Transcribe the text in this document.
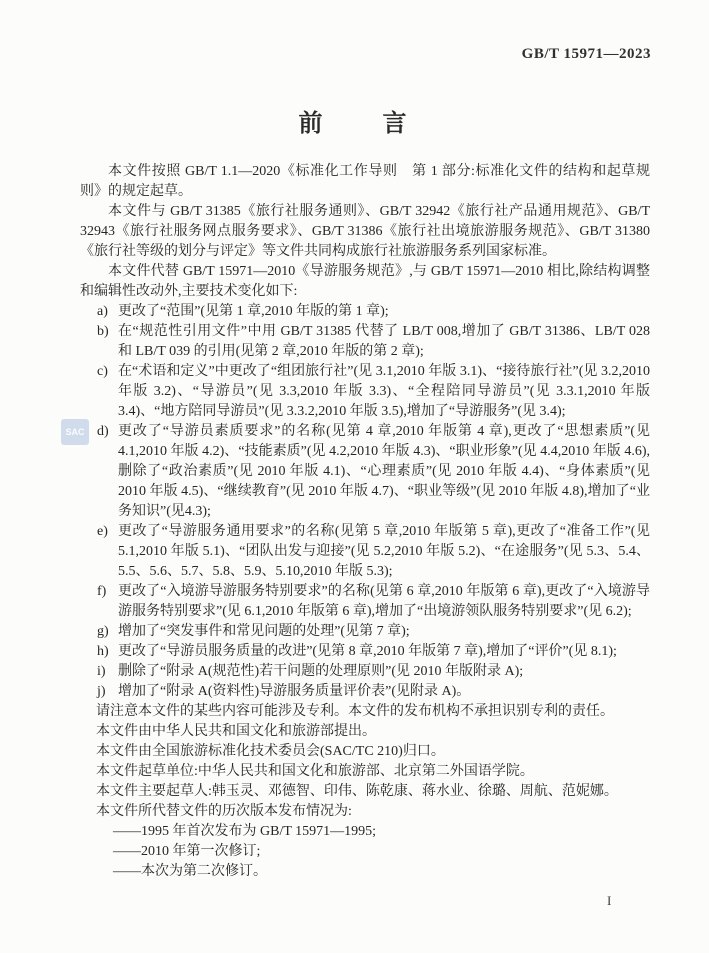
GB/T 15971—2023
前　　言
SAC

本文件按照 GB/T 1.1—2020《标准化工作导则　第 1 部分:标准化文件的结构和起草规则》的规定起草。

本文件与 GB/T 31385《旅行社服务通则》、GB/T 32942《旅行社产品通用规范》、GB/T 32943《旅行社服务网点服务要求》、GB/T 31386《旅行社出境旅游服务规范》、GB/T 31380《旅行社等级的划分与评定》等文件共同构成旅行社旅游服务系列国家标准。

本文件代替 GB/T 15971—2010《导游服务规范》,与 GB/T 15971—2010 相比,除结构调整和编辑性改动外,主要技术变化如下:

a) 更改了“范围”(见第 1 章,2010 年版的第 1 章);
b) 在“规范性引用文件”中用 GB/T 31385 代替了 LB/T 008,增加了 GB/T 31386、LB/T 028 和 LB/T 039 的引用(见第 2 章,2010 年版的第 2 章);
c) 在“术语和定义”中更改了“组团旅行社”(见 3.1,2010 年版 3.1)、“接待旅行社”(见 3.2,2010 年版 3.2)、“导游员”(见 3.3,2010 年版 3.3)、“全程陪同导游员”(见 3.3.1,2010 年版 3.4)、“地方陪同导游员”(见 3.3.2,2010 年版 3.5),增加了“导游服务”(见 3.4);
d) 更改了“导游员素质要求”的名称(见第 4 章,2010 年版第 4 章),更改了“思想素质”(见 4.1,2010 年版 4.2)、“技能素质”(见 4.2,2010 年版 4.3)、“职业形象”(见 4.4,2010 年版 4.6),删除了“政治素质”(见 2010 年版 4.1)、“心理素质”(见 2010 年版 4.4)、“身体素质”(见 2010 年版 4.5)、“继续教育”(见 2010 年版 4.7)、“职业等级”(见 2010 年版 4.8),增加了“业务知识”(见4.3);
e) 更改了“导游服务通用要求”的名称(见第 5 章,2010 年版第 5 章),更改了“准备工作”(见 5.1,2010 年版 5.1)、“团队出发与迎接”(见 5.2,2010 年版 5.2)、“在途服务”(见 5.3、5.4、5.5、5.6、5.7、5.8、5.9、5.10,2010 年版 5.3);
f) 更改了“入境游导游服务特别要求”的名称(见第 6 章,2010 年版第 6 章),更改了“入境游导游服务特别要求”(见 6.1,2010 年版第 6 章),增加了“出境游领队服务特别要求”(见 6.2);
g) 增加了“突发事件和常见问题的处理”(见第 7 章);
h) 更改了“导游员服务质量的改进”(见第 8 章,2010 年版第 7 章),增加了“评价”(见 8.1);
i) 删除了“附录 A(规范性)若干问题的处理原则”(见 2010 年版附录 A);
j) 增加了“附录 A(资料性)导游服务质量评价表”(见附录 A)。

请注意本文件的某些内容可能涉及专利。本文件的发布机构不承担识别专利的责任。

本文件由中华人民共和国文化和旅游部提出。

本文件由全国旅游标准化技术委员会(SAC/TC 210)归口。

本文件起草单位:中华人民共和国文化和旅游部、北京第二外国语学院。

本文件主要起草人:韩玉灵、邓德智、印伟、陈乾康、蒋水业、徐璐、周航、范妮娜。

本文件所代替文件的历次版本发布情况为:

——1995 年首次发布为 GB/T 15971—1995;

——2010 年第一次修订;

——本次为第二次修订。

I
